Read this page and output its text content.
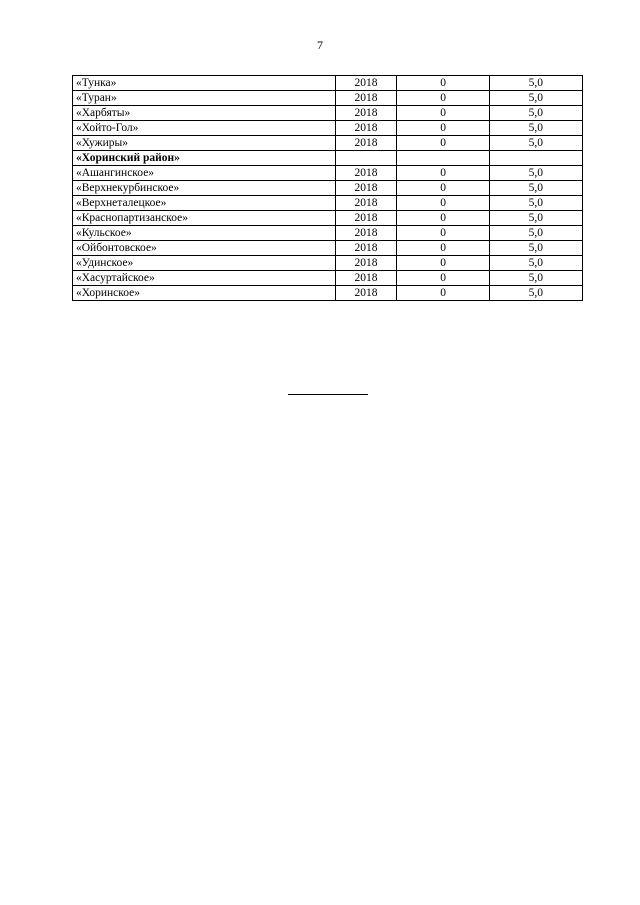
7
«Тунка»	2018	0	5,0
«Туран»	2018	0	5,0
«Харбяты»	2018	0	5,0
«Хойто-Гол»	2018	0	5,0
«Хужиры»	2018	0	5,0
«Хоринский район»			
«Ашангинское»	2018	0	5,0
«Верхнекурбинское»	2018	0	5,0
«Верхнеталецкое»	2018	0	5,0
«Краснопартизанское»	2018	0	5,0
«Кульское»	2018	0	5,0
«Ойбонтовское»	2018	0	5,0
«Удинское»	2018	0	5,0
«Хасуртайское»	2018	0	5,0
«Хоринское»	2018	0	5,0
